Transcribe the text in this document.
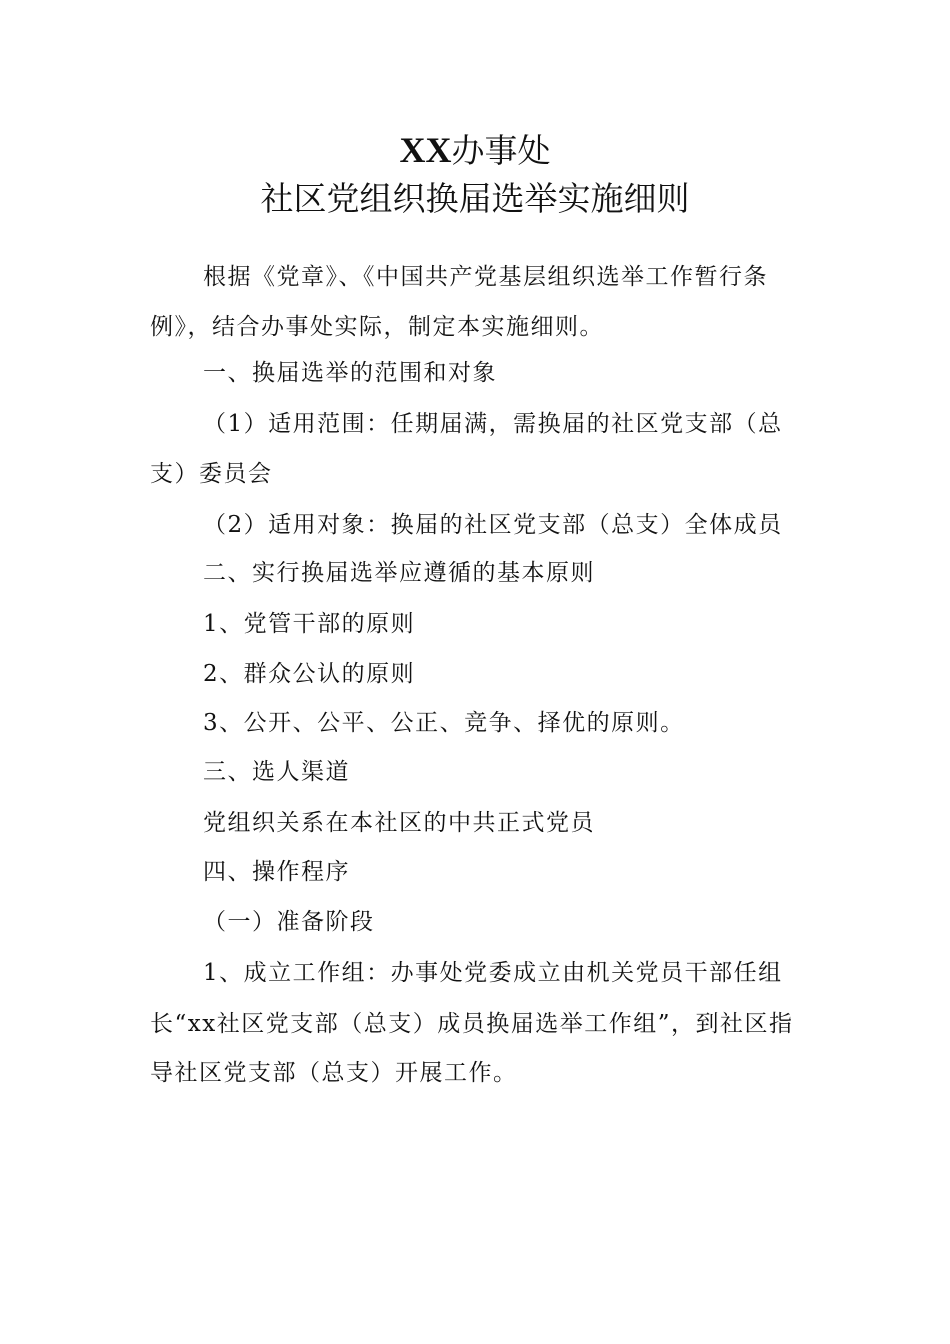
XX办事处
社区党组织换届选举实施细则
根据《党章》、《中国共产党基层组织选举工作暂行条
例》，结合办事处实际，制定本实施细则。
一、换届选举的范围和对象
（1）适用范围：任期届满，需换届的社区党支部（总
支）委员会
（2）适用对象：换届的社区党支部（总支）全体成员
二、实行换届选举应遵循的基本原则
1、党管干部的原则
2、群众公认的原则
3、公开、公平、公正、竞争、择优的原则。
三、选人渠道
党组织关系在本社区的中共正式党员
四、操作程序
（一）准备阶段
1、成立工作组：办事处党委成立由机关党员干部任组
长“xx社区党支部（总支）成员换届选举工作组”，到社区指
导社区党支部（总支）开展工作。
